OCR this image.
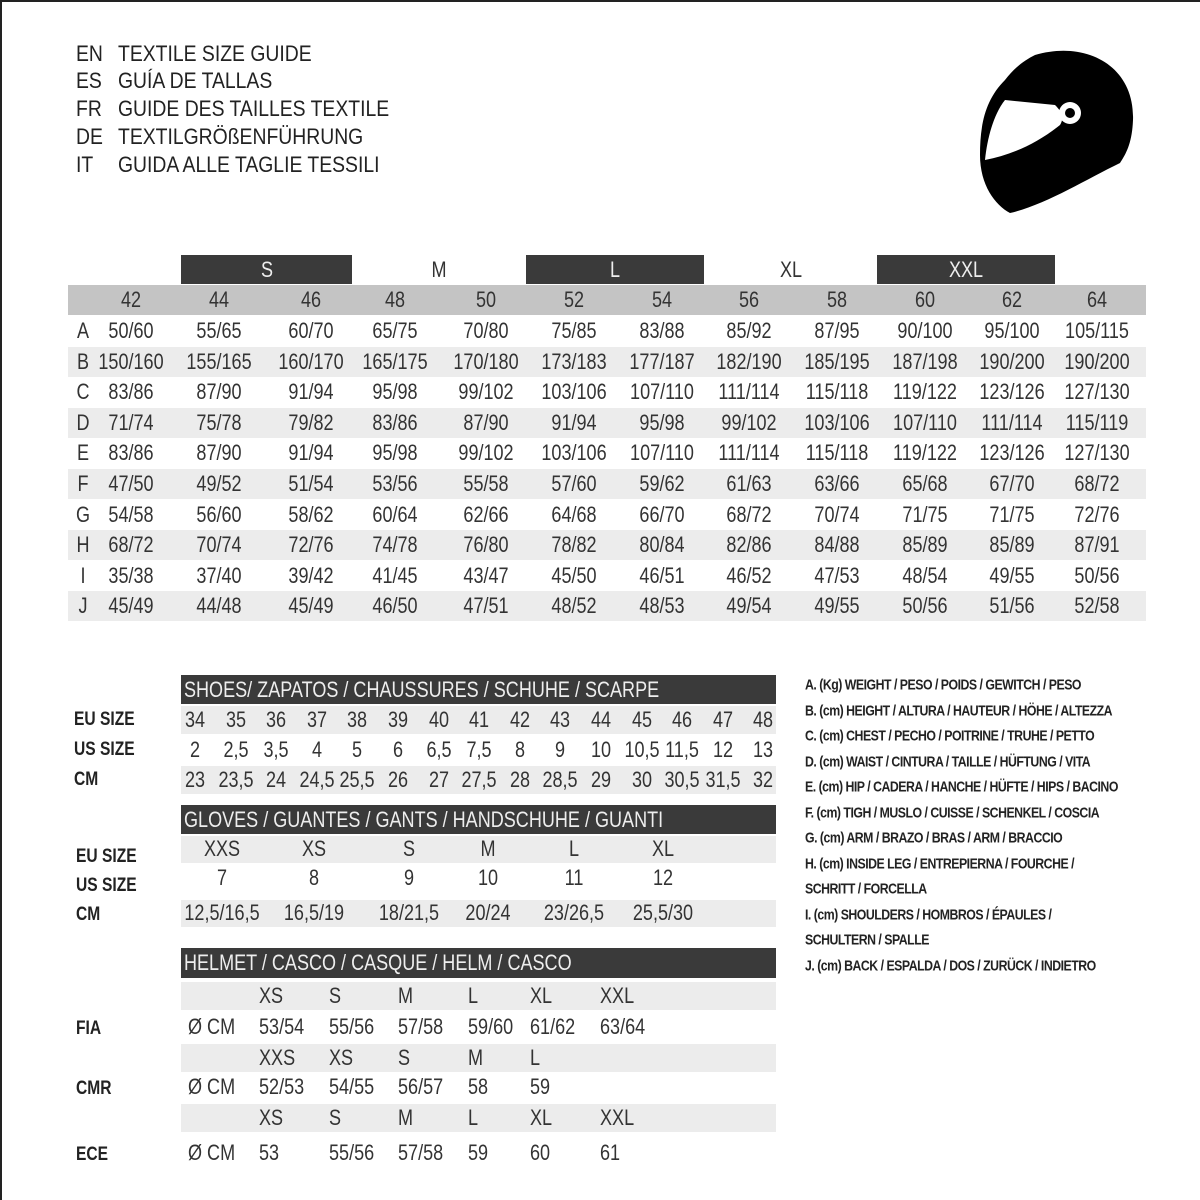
EN TEXTILE SIZE GUIDE
ES GUÍA DE TALLAS
FR GUIDE DES TAILLES TEXTILE
DE TEXTILGRÖßENFÜHRUNG
IT GUIDA ALLE TAGLIE TESSILI
S	M	L	XL	XXL
42	44	46	48	50	52	54	56	58	60	62	64
A 50/60 55/65 60/70 65/75 70/80 75/85 83/88 85/92 87/95 90/100 95/100 105/115
B 150/160 155/165 160/170 165/175 170/180 173/183 177/187 182/190 185/195 187/198 190/200 190/200
C 83/86 87/90 91/94 95/98 99/102 103/106 107/110 111/114 115/118 119/122 123/126 127/130
D 71/74 75/78 79/82 83/86 87/90 91/94 95/98 99/102 103/106 107/110 111/114 115/119
E 83/86 87/90 91/94 95/98 99/102 103/106 107/110 111/114 115/118 119/122 123/126 127/130
F 47/50 49/52 51/54 53/56 55/58 57/60 59/62 61/63 63/66 65/68 67/70 68/72
G 54/58 56/60 58/62 60/64 62/66 64/68 66/70 68/72 70/74 71/75 71/75 72/76
H 68/72 70/74 72/76 74/78 76/80 78/82 80/84 82/86 84/88 85/89 85/89 87/91
I 35/38 37/40 39/42 41/45 43/47 45/50 46/51 46/52 47/53 48/54 49/55 50/56
J 45/49 44/48 45/49 46/50 47/51 48/52 48/53 49/54 49/55 50/56 51/56 52/58
SHOES/ ZAPATOS / CHAUSSURES / SCHUHE / SCARPE
EU SIZE 34 35 36 37 38 39 40 41 42 43 44 45 46 47 48
US SIZE	2 2,5 3,5 4 5 6 6,5 7,5 8 9 10 10,5 11,5 12 13
CM	23 23,5 24 24,5 25,5 26 27 27,5 28 28,5 29 30 30,5 31,5 32
GLOVES / GUANTES / GANTS / HANDSCHUHE / GUANTI
EU SIZE	XXS	XS	S	M	L	XL
US SIZE	7	8	9	10	11	12
CM	12,5/16,5 16,5/19 18/21,5 20/24 23/26,5 25,5/30
HELMET / CASCO / CASQUE / HELM / CASCO
XS S	M L XL XXL
FIA	Ø CM 53/54 55/56 57/58 59/60 61/62 63/64
XXS XS S	M L
CMR	Ø CM 52/53 54/55 56/57 58 59
XS S	M L XL XXL
ECE	Ø CM 53 55/56 57/58 59 60 61
A. (Kg) WEIGHT / PESO / POIDS / GEWITCH / PESO
B. (cm) HEIGHT / ALTURA / HAUTEUR / HÖHE / ALTEZZA
C. (cm) CHEST / PECHO / POITRINE / TRUHE / PETTO
D. (cm) WAIST / CINTURA / TAILLE / HÜFTUNG / VITA
E. (cm) HIP / CADERA / HANCHE / HÜFTE / HIPS / BACINO
F. (cm) TIGH / MUSLO / CUISSE / SCHENKEL / COSCIA
G. (cm) ARM / BRAZO / BRAS / ARM / BRACCIO
H. (cm) INSIDE LEG / ENTREPIERNA / FOURCHE /
SCHRITT / FORCELLA
I. (cm) SHOULDERS / HOMBROS / ÉPAULES /
SCHULTERN / SPALLE
J. (cm) BACK / ESPALDA / DOS / ZURÜCK / INDIETRO
